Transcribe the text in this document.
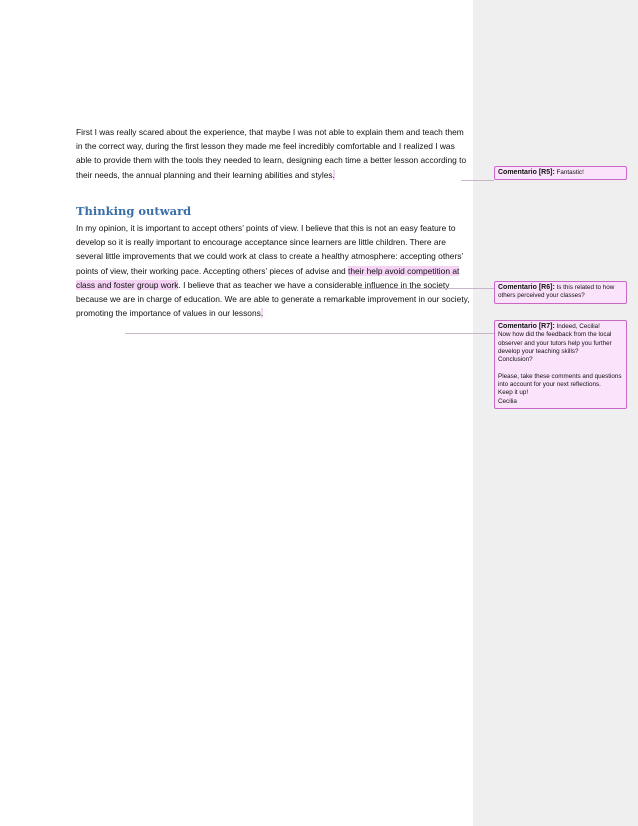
First I was really scared about the experience, that maybe I was not able to explain them and teach them in the correct way, during the first lesson they made me feel incredibly comfortable and I realized I was able to provide them with the tools they needed to learn, designing each time a better lesson according to their needs, the annual planning and their learning abilities and styles.

Thinking outward

In my opinion, it is important to accept others’ points of view. I believe that this is not an easy feature to develop so it is really important to encourage acceptance since learners are little children. There are several little improvements that we could work at class to create a healthy atmosphere: accepting others’ points of view, their working pace. Accepting others’ pieces of advise and their help avoid competition at class and foster group work. I believe that as teacher we have a considerable influence in the society because we are in charge of education. We are able to generate a remarkable improvement in our society, promoting the importance of values in our lessons.

Comentario [R5]: Fantastic!
Comentario [R6]: Is this related to how others perceived your classes?
Comentario [R7]: Indeed, Cecilia!
Now how did the feedback from the local observer and your tutors help you further develop your teaching skills?
Conclusion?

Please, take these comments and questions into account for your next reflections.
Keep it up!
Cecilia
